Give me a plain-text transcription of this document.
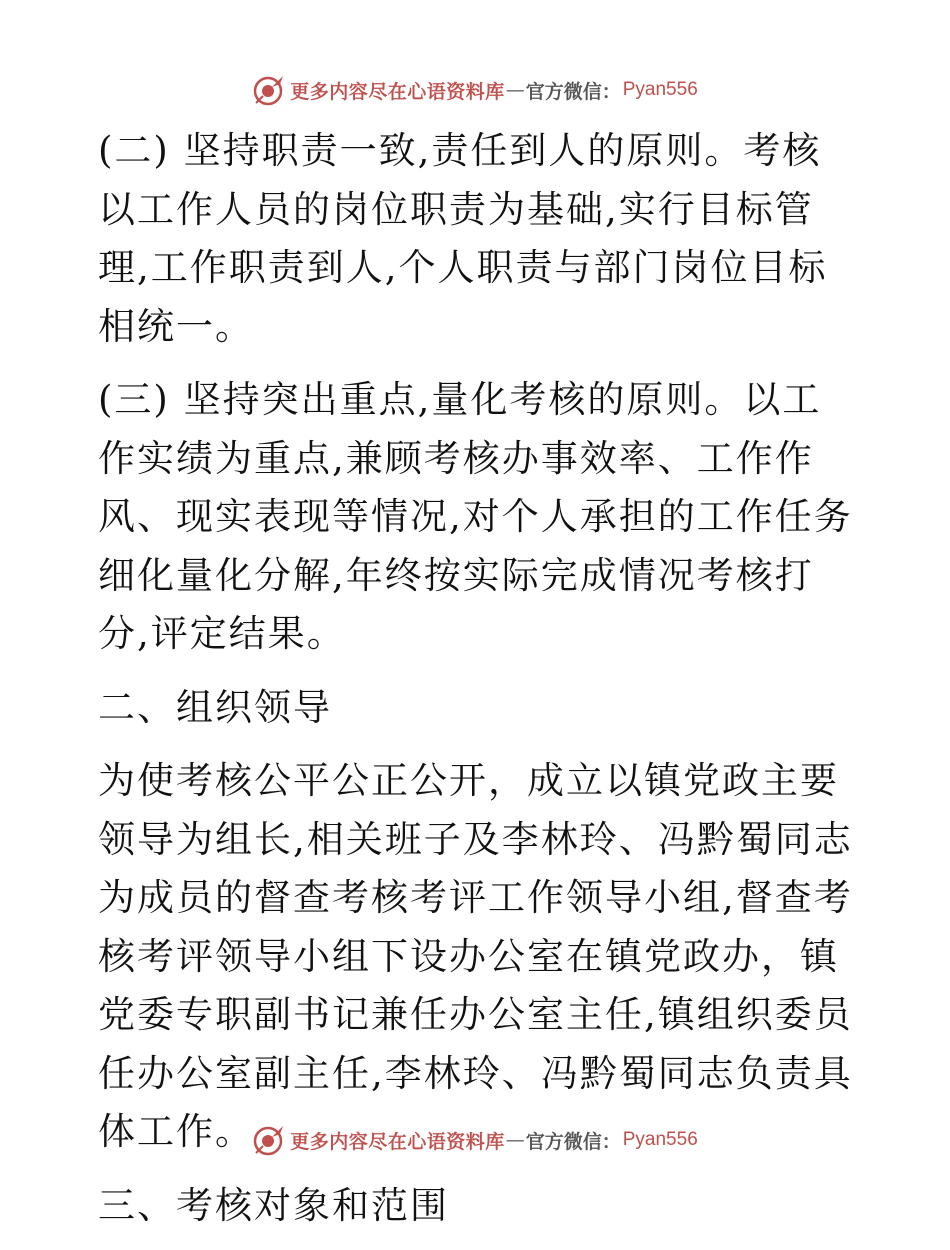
更多内容尽在心语资料库 — 官方微信： Pyan556

(二) 坚持职责一致,责任到人的原则。考核以工作人员的岗位职责为基础,实行目标管理,工作职责到人,个人职责与部门岗位目标相统一。

(三) 坚持突出重点,量化考核的原则。以工作实绩为重点,兼顾考核办事效率、工作作风、现实表现等情况,对个人承担的工作任务细化量化分解,年终按实际完成情况考核打分,评定结果。

二、组织领导

为使考核公平公正公开，成立以镇党政主要领导为组长,相关班子及李林玲、冯黔蜀同志为成员的督查考核考评工作领导小组,督查考核考评领导小组下设办公室在镇党政办，镇党委专职副书记兼任办公室主任,镇组织委员任办公室副主任,李林玲、冯黔蜀同志负责具体工作。

三、考核对象和范围

更多内容尽在心语资料库 — 官方微信： Pyan556
